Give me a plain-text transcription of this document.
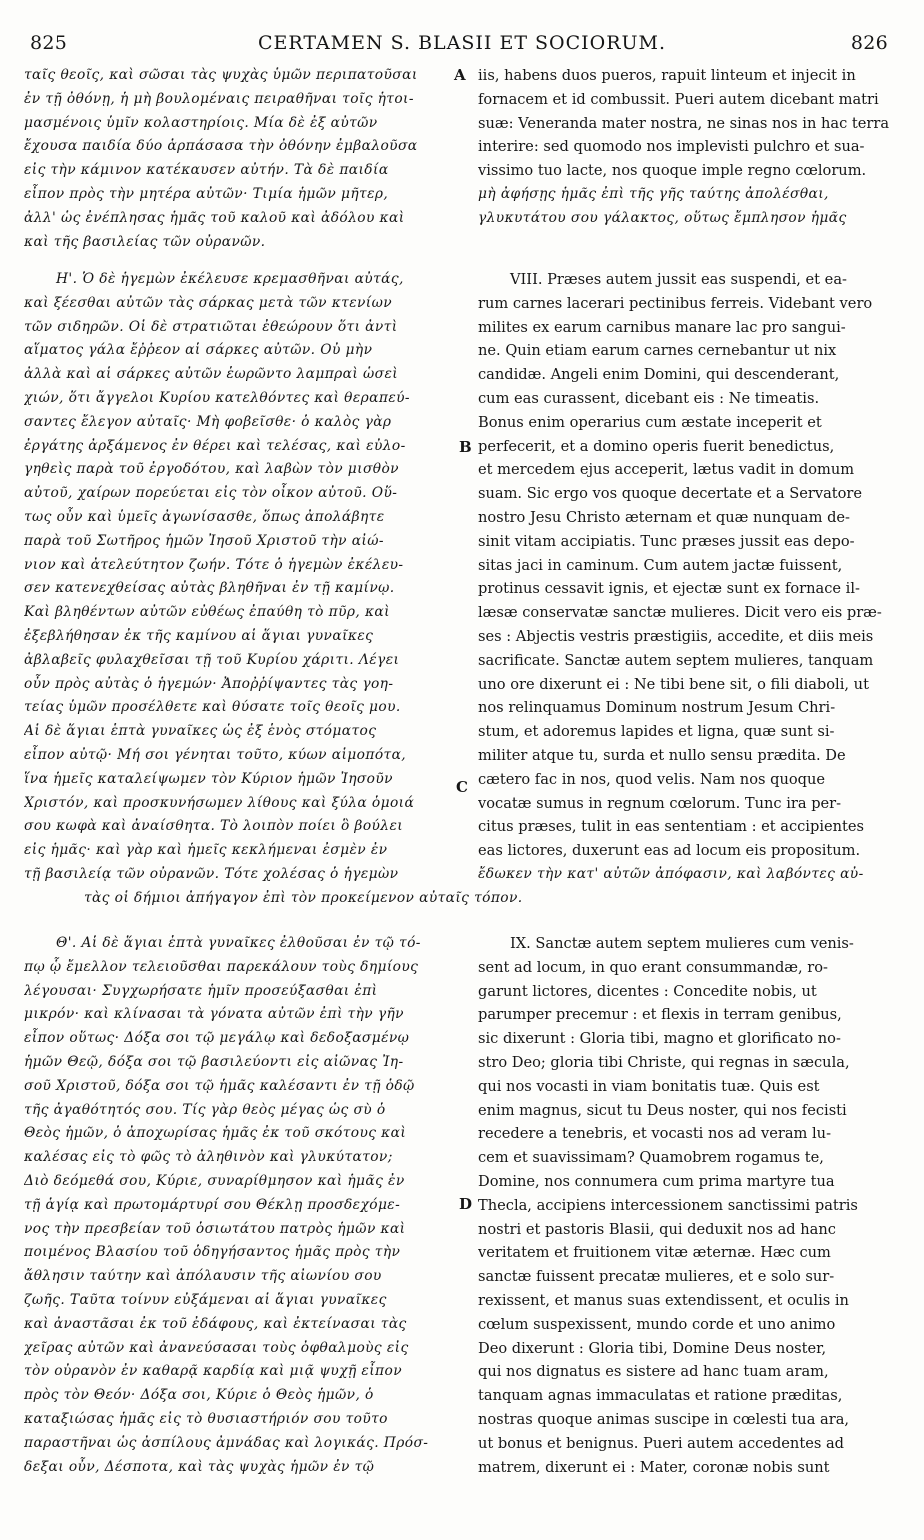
825	CERTAMEN S. BLASII ET SOCIORUM.	826
ταῖς θεοῖς, καὶ σῶσαι τὰς ψυχὰς ὑμῶν περιπατοῦσαι
ἐν τῇ ὀθόνῃ, ἡ μὴ βουλομέναις πειραθῆναι τοῖς ἡτοι-
μασμένοις ὑμῖν κολαστηρίοις. Μία δὲ ἐξ αὐτῶν
ἔχουσα παιδία δύο ἁρπάσασα τὴν ὀθόνην ἐμβαλοῦσα
εἰς τὴν κάμινον κατέκαυσεν αὐτήν. Τὰ δὲ παιδία
εἶπον πρὸς τὴν μητέρα αὐτῶν· Τιμία ἡμῶν μῆτερ,
ἀλλ' ὡς ἐνέπλησας ἡμᾶς τοῦ καλοῦ καὶ ἀδόλου καὶ
καὶ τῆς βασιλείας τῶν οὐρανῶν.
A iis, habens duos pueros, rapuit linteum et injecit in
fornacem et id combussit. Pueri autem dicebant matri
suæ: Veneranda mater nostra, ne sinas nos in hac terra
interire: sed quomodo nos implevisti pulchro et sua-
vissimo tuo lacte, nos quoque imple regno cœlorum.
μὴ ἀφήσῃς ἡμᾶς ἐπὶ τῆς γῆς ταύτης ἀπολέσθαι,
γλυκυτάτου σου γάλακτος, οὕτως ἔμπλησον ἡμᾶς
Η'. Ὁ δὲ ἡγεμὼν ἐκέλευσε κρεμασθῆναι αὐτάς,
καὶ ξέεσθαι αὐτῶν τὰς σάρκας μετὰ τῶν κτενίων
τῶν σιδηρῶν. Οἱ δὲ στρατιῶται ἐθεώρουν ὅτι ἀντὶ
αἵματος γάλα ἔῤῥεον αἱ σάρκες αὐτῶν. Οὐ μὴν
ἀλλὰ καὶ αἱ σάρκες αὐτῶν ἑωρῶντο λαμπραὶ ὡσεὶ
χιών, ὅτι ἄγγελοι Κυρίου κατελθόντες καὶ θεραπεύ-
σαντες ἔλεγον αὐταῖς· Μὴ φοβεῖσθε· ὁ καλὸς γὰρ
ἐργάτης ἀρξάμενος ἐν θέρει καὶ τελέσας, καὶ εὐλο-
γηθεὶς παρὰ τοῦ ἐργοδότου, καὶ λαβὼν τὸν μισθὸν
αὐτοῦ, χαίρων πορεύεται εἰς τὸν οἶκον αὐτοῦ. Οὕ-
τως οὖν καὶ ὑμεῖς ἀγωνίσασθε, ὅπως ἀπολάβητε
παρὰ τοῦ Σωτῆρος ἡμῶν Ἰησοῦ Χριστοῦ τὴν αἰώ-
νιον καὶ ἀτελεύτητον ζωήν. Τότε ὁ ἡγεμὼν ἐκέλευ-
σεν κατενεχθείσας αὐτὰς βληθῆναι ἐν τῇ καμίνῳ.
Καὶ βληθέντων αὐτῶν εὐθέως ἐπαύθη τὸ πῦρ, καὶ
ἐξεβλήθησαν ἐκ τῆς καμίνου αἱ ἅγιαι γυναῖκες
ἀβλαβεῖς φυλαχθεῖσαι τῇ τοῦ Κυρίου χάριτι. Λέγει
οὖν πρὸς αὐτὰς ὁ ἡγεμών· Ἀποῤῥίψαντες τὰς γοη-
τείας ὑμῶν προσέλθετε καὶ θύσατε τοῖς θεοῖς μου.
Αἱ δὲ ἅγιαι ἑπτὰ γυναῖκες ὡς ἐξ ἑνὸς στόματος
εἶπον αὐτῷ· Μή σοι γένηται τοῦτο, κύων αἱμοπότα,
ἵνα ἡμεῖς καταλείψωμεν τὸν Κύριον ἡμῶν Ἰησοῦν
Χριστόν, καὶ προσκυνήσωμεν λίθους καὶ ξύλα ὁμοιά
σου κωφὰ καὶ ἀναίσθητα. Τὸ λοιπὸν ποίει ὃ βούλει
εἰς ἡμᾶς· καὶ γὰρ καὶ ἡμεῖς κεκλήμεναι ἐσμὲν ἐν
τῇ βασιλείᾳ τῶν οὐρανῶν. Τότε χολέσας ὁ ἡγεμὼν
B
C
VIII. Præses autem jussit eas suspendi, et ea-
rum carnes lacerari pectinibus ferreis. Videbant vero
milites ex earum carnibus manare lac pro sangui-
ne. Quin etiam earum carnes cernebantur ut nix
candidæ. Angeli enim Domini, qui descenderant,
cum eas curassent, dicebant eis : Ne timeatis.
Bonus enim operarius cum æstate inceperit et
perfecerit, et a domino operis fuerit benedictus,
et mercedem ejus acceperit, lætus vadit in domum
suam. Sic ergo vos quoque decertate et a Servatore
nostro Jesu Christo æternam et quæ nunquam de-
sinit vitam accipiatis. Tunc præses jussit eas depo-
sitas jaci in caminum. Cum autem jactæ fuissent,
protinus cessavit ignis, et ejectæ sunt ex fornace il-
læsæ conservatæ sanctæ mulieres. Dicit vero eis præ-
ses : Abjectis vestris præstigiis, accedite, et diis meis
sacrificate. Sanctæ autem septem mulieres, tanquam
uno ore dixerunt ei : Ne tibi bene sit, o fili diaboli, ut
nos relinquamus Dominum nostrum Jesum Chri-
stum, et adoremus lapides et ligna, quæ sunt si-
militer atque tu, surda et nullo sensu prædita. De
cætero fac in nos, quod velis. Nam nos quoque
vocatæ sumus in regnum cœlorum. Tunc ira per-
citus præses, tulit in eas sententiam : et accipientes
eas lictores, duxerunt eas ad locum eis propositum.
ἔδωκεν τὴν κατ' αὐτῶν ἀπόφασιν, καὶ λαβόντες αὐ-
τὰς οἱ δήμιοι ἀπήγαγον ἐπὶ τὸν προκείμενον αὐταῖς τόπον.
Θ'. Αἱ δὲ ἅγιαι ἑπτὰ γυναῖκες ἐλθοῦσαι ἐν τῷ τό-
πῳ ᾧ ἔμελλον τελειοῦσθαι παρεκάλουν τοὺς δημίους
λέγουσαι· Συγχωρήσατε ἡμῖν προσεύξασθαι ἐπὶ
μικρόν· καὶ κλίνασαι τὰ γόνατα αὐτῶν ἐπὶ τὴν γῆν
εἶπον οὕτως· Δόξα σοι τῷ μεγάλῳ καὶ δεδοξασμένῳ
ἡμῶν Θεῷ, δόξα σοι τῷ βασιλεύοντι εἰς αἰῶνας Ἰη-
σοῦ Χριστοῦ, δόξα σοι τῷ ἡμᾶς καλέσαντι ἐν τῇ ὁδῷ
τῆς ἀγαθότητός σου. Τίς γὰρ θεὸς μέγας ὡς σὺ ὁ
Θεὸς ἡμῶν, ὁ ἀποχωρίσας ἡμᾶς ἐκ τοῦ σκότους καὶ
καλέσας εἰς τὸ φῶς τὸ ἀληθινὸν καὶ γλυκύτατον;
Διὸ δεόμεθά σου, Κύριε, συναρίθμησον καὶ ἡμᾶς ἐν
τῇ ἁγίᾳ καὶ πρωτομάρτυρί σου Θέκλῃ προσδεχόμε-
νος τὴν πρεσβείαν τοῦ ὁσιωτάτου πατρὸς ἡμῶν καὶ
ποιμένος Βλασίου τοῦ ὁδηγήσαντος ἡμᾶς πρὸς τὴν
ἄθλησιν ταύτην καὶ ἀπόλαυσιν τῆς αἰωνίου σου
ζωῆς. Ταῦτα τοίνυν εὐξάμεναι αἱ ἅγιαι γυναῖκες
καὶ ἀναστᾶσαι ἐκ τοῦ ἐδάφους, καὶ ἐκτείνασαι τὰς
χεῖρας αὐτῶν καὶ ἀνανεύσασαι τοὺς ὀφθαλμοὺς εἰς
τὸν οὐρανὸν ἐν καθαρᾷ καρδίᾳ καὶ μιᾷ ψυχῇ εἶπον
πρὸς τὸν Θεόν· Δόξα σοι, Κύριε ὁ Θεὸς ἡμῶν, ὁ
καταξιώσας ἡμᾶς εἰς τὸ θυσιαστήριόν σου τοῦτο
παραστῆναι ὡς ἀσπίλους ἀμνάδας καὶ λογικάς. Πρόσ-
δεξαι οὖν, Δέσποτα, καὶ τὰς ψυχὰς ἡμῶν ἐν τῷ
D
IX. Sanctæ autem septem mulieres cum venis-
sent ad locum, in quo erant consummandæ, ro-
garunt lictores, dicentes : Concedite nobis, ut
parumper precemur : et flexis in terram genibus,
sic dixerunt : Gloria tibi, magno et glorificato no-
stro Deo; gloria tibi Christe, qui regnas in sæcula,
qui nos vocasti in viam bonitatis tuæ. Quis est
enim magnus, sicut tu Deus noster, qui nos fecisti
recedere a tenebris, et vocasti nos ad veram lu-
cem et suavissimam? Quamobrem rogamus te,
Domine, nos connumera cum prima martyre tua
Thecla, accipiens intercessionem sanctissimi patris
nostri et pastoris Blasii, qui deduxit nos ad hanc
veritatem et fruitionem vitæ æternæ. Hæc cum
sanctæ fuissent precatæ mulieres, et e solo sur-
rexissent, et manus suas extendissent, et oculis in
cœlum suspexissent, mundo corde et uno animo
Deo dixerunt : Gloria tibi, Domine Deus noster,
qui nos dignatus es sistere ad hanc tuam aram,
tanquam agnas immaculatas et ratione præditas,
nostras quoque animas suscipe in cœlesti tua ara,
ut bonus et benignus. Pueri autem accedentes ad
matrem, dixerunt ei : Mater, coronæ nobis sunt
